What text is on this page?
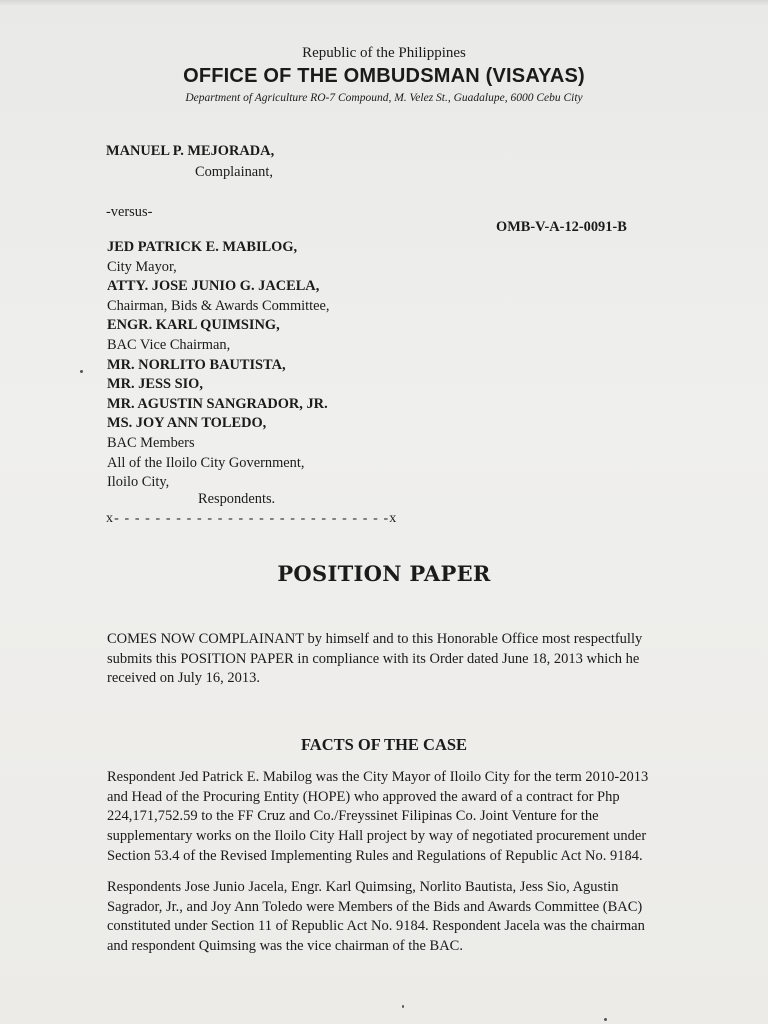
Republic of the Philippines
OFFICE OF THE OMBUDSMAN (VISAYAS)
Department of Agriculture RO-7 Compound, M. Velez St., Guadalupe, 6000 Cebu City
MANUEL P. MEJORADA,
Complainant,
-versus-
OMB-V-A-12-0091-B
JED PATRICK E. MABILOG,
City Mayor,
ATTY. JOSE JUNIO G. JACELA,
Chairman, Bids & Awards Committee,
ENGR. KARL QUIMSING,
BAC Vice Chairman,
MR. NORLITO BAUTISTA,
MR. JESS SIO,
MR. AGUSTIN SANGRADOR, JR.
MS. JOY ANN TOLEDO,
BAC Members
All of the Iloilo City Government,
Iloilo City,
Respondents.
x- - - - - - - - - - - - - - - - - - - - - - - - - - -x
POSITION PAPER
COMES NOW COMPLAINANT by himself and to this Honorable Office most respectfully
submits this POSITION PAPER in compliance with its Order dated June 18, 2013 which he
received on July 16, 2013.
FACTS OF THE CASE
Respondent Jed Patrick E. Mabilog was the City Mayor of Iloilo City for the term 2010-2013
and Head of the Procuring Entity (HOPE) who approved the award of a contract for Php
224,171,752.59 to the FF Cruz and Co./Freyssinet Filipinas Co. Joint Venture for the
supplementary works on the Iloilo City Hall project by way of negotiated procurement under
Section 53.4 of the Revised Implementing Rules and Regulations of Republic Act No. 9184.
Respondents Jose Junio Jacela, Engr. Karl Quimsing, Norlito Bautista, Jess Sio, Agustin
Sagrador, Jr., and Joy Ann Toledo were Members of the Bids and Awards Committee (BAC)
constituted under Section 11 of Republic Act No. 9184. Respondent Jacela was the chairman
and respondent Quimsing was the vice chairman of the BAC.
